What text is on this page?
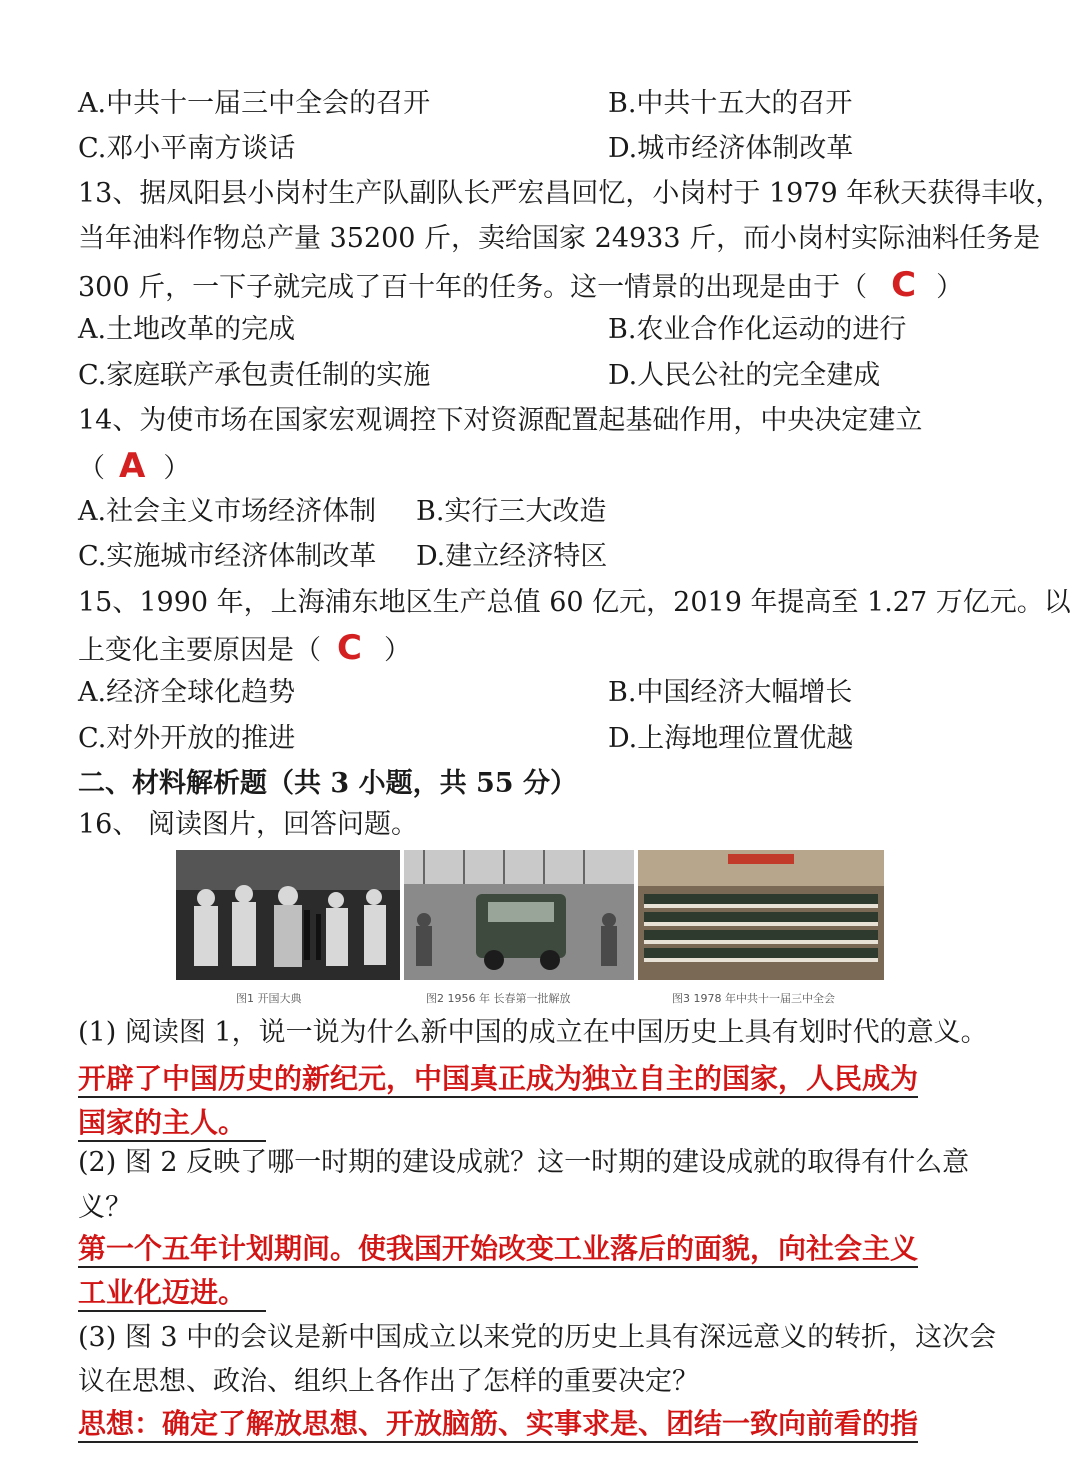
A.中共十一届三中全会的召开	B.中共十五大的召开
C.邓小平南方谈话	D.城市经济体制改革
13、据凤阳县小岗村生产队副队长严宏昌回忆，小岗村于 1979 年秋天获得丰收，
当年油料作物总产量 35200 斤，卖给国家 24933 斤，而小岗村实际油料任务是
300 斤，一下子就完成了百十年的任务。这一情景的出现是由于（ C ）
A.土地改革的完成	B.农业合作化运动的进行
C.家庭联产承包责任制的实施	D.人民公社的完全建成
14、为使市场在国家宏观调控下对资源配置起基础作用，中央决定建立
（ A ）
A.社会主义市场经济体制 B.实行三大改造
C.实施城市经济体制改革 D.建立经济特区
15、1990 年，上海浦东地区生产总值 60 亿元，2019 年提高至 1.27 万亿元。以
上变化主要原因是（ C ）
A.经济全球化趋势	B.中国经济大幅增长
C.对外开放的推进	D.上海地理位置优越
二、材料解析题（共 3 小题，共 55 分）
16、 阅读图片，回答问题。
图1 开国大典	图2 1956 年 长春第一批解放	图3 1978 年中共十一届三中全会
(1) 阅读图 1，说一说为什么新中国的成立在中国历史上具有划时代的意义。
开辟了中国历史的新纪元，中国真正成为独立自主的国家，人民成为
国家的主人。
(2) 图 2 反映了哪一时期的建设成就？这一时期的建设成就的取得有什么意
义？
第一个五年计划期间。使我国开始改变工业落后的面貌，向社会主义
工业化迈进。
(3) 图 3 中的会议是新中国成立以来党的历史上具有深远意义的转折，这次会
议在思想、政治、组织上各作出了怎样的重要决定？
思想：确定了解放思想、开放脑筋、实事求是、团结一致向前看的指
